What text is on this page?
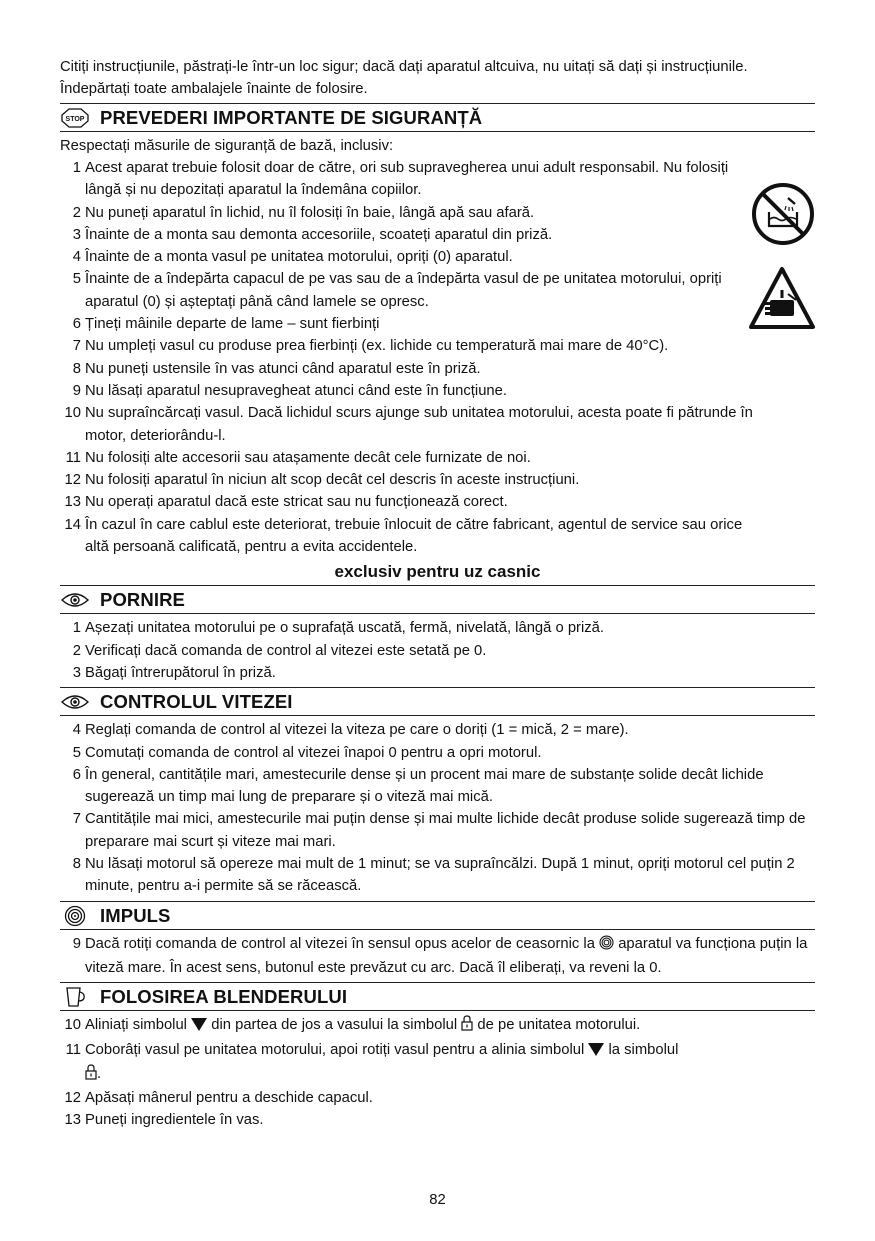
Citiți instrucțiunile, păstrați-le într-un loc sigur; dacă dați aparatul altcuiva, nu uitați să dați și instrucțiunile. Îndepărtați toate ambalajele înainte de folosire.

STOP PREVEDERI IMPORTANTE DE SIGURANȚĂ

Respectați măsurile de siguranță de bază, inclusiv:

1 Acest aparat trebuie folosit doar de către, ori sub supravegherea unui adult responsabil. Nu folosiți lângă și nu depozitați aparatul la îndemâna copiilor.
2 Nu puneți aparatul în lichid, nu îl folosiți în baie, lângă apă sau afară.
3 Înainte de a monta sau demonta accesoriile, scoateți aparatul din priză.
4 Înainte de a monta vasul pe unitatea motorului, opriți (0) aparatul.
5 Înainte de a îndepărta capacul de pe vas sau de a îndepărta vasul de pe unitatea motorului, opriți aparatul (0) și așteptați până când lamele se opresc.
6 Țineți mâinile departe de lame – sunt fierbinți
7 Nu umpleți vasul cu produse prea fierbinți (ex. lichide cu temperatură mai mare de 40°C).
8 Nu puneți ustensile în vas atunci când aparatul este în priză.
9 Nu lăsați aparatul nesupravegheat atunci când este în funcțiune.
10 Nu supraîncărcați vasul. Dacă lichidul scurs ajunge sub unitatea motorului, acesta poate fi pătrunde în motor, deteriorându-l.
11 Nu folosiți alte accesorii sau atașamente decât cele furnizate de noi.
12 Nu folosiți aparatul în niciun alt scop decât cel descris în aceste instrucțiuni.
13 Nu operați aparatul dacă este stricat sau nu funcționează corect.
14 În cazul în care cablul este deteriorat, trebuie înlocuit de către fabricant, agentul de service sau orice altă persoană calificată, pentru a evita accidentele.

exclusiv pentru uz casnic

PORNIRE
1 Așezați unitatea motorului pe o suprafață uscată, fermă, nivelată, lângă o priză.
2 Verificați dacă comanda de control al vitezei este setată pe 0.
3 Băgați întrerupătorul în priză.
CONTROLUL VITEZEI
4 Reglați comanda de control al vitezei la viteza pe care o doriți (1 = mică, 2 = mare).
5 Comutați comanda de control al vitezei înapoi 0 pentru a opri motorul.
6 În general, cantitățile mari, amestecurile dense și un procent mai mare de substanțe solide decât lichide sugerează un timp mai lung de preparare și o viteză mai mică.
7 Cantitățile mai mici, amestecurile mai puțin dense și mai multe lichide decât produse solide sugerează timp de preparare mai scurt și viteze mai mari.
8 Nu lăsați motorul să opereze mai mult de 1 minut; se va supraîncălzi. După 1 minut, opriți motorul cel puțin 2 minute, pentru a-i permite să se răcească.
IMPULS
9 Dacă rotiți comanda de control al vitezei în sensul opus acelor de ceasornic la aparatul va funcționa puțin la viteză mare. În acest sens, butonul este prevăzut cu arc. Dacă îl eliberați, va reveni la 0.
FOLOSIREA BLENDERULUI
10 Aliniați simbolul din partea de jos a vasului la simbolul de pe unitatea motorului.
11 Coborâți vasul pe unitatea motorului, apoi rotiți vasul pentru a alinia simbolul la simbolul
.
12 Apăsați mânerul pentru a deschide capacul.
13 Puneți ingredientele în vas.
82
